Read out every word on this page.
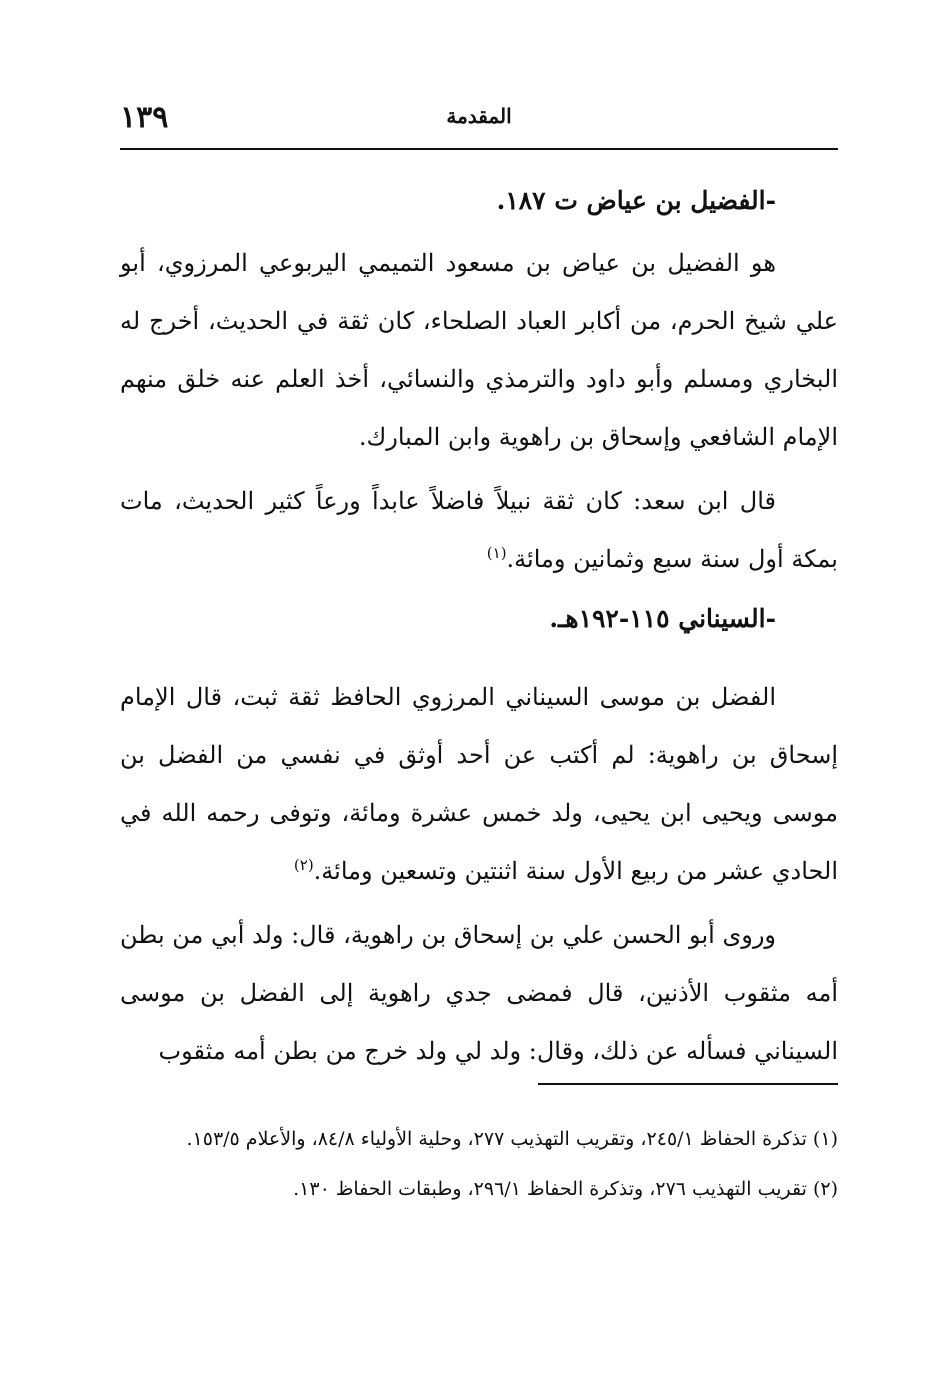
المقدمة
١٣٩
-الفضيل بن عياض ت ١٨٧.

هو الفضيل بن عياض بن مسعود التميمي اليربوعي المرزوي، أبو علي شيخ الحرم، من أكابر العباد الصلحاء، كان ثقة في الحديث، أخرج له البخاري ومسلم وأبو داود والترمذي والنسائي، أخذ العلم عنه خلق منهم الإمام الشافعي وإسحاق بن راهوية وابن المبارك.

قال ابن سعد: كان ثقة نبيلاً فاضلاً عابداً ورعاً كثير الحديث، مات بمكة أول سنة سبع وثمانين ومائة.$^{(١)}$

-السيناني ١١٥-١٩٢هـ.

الفضل بن موسى السيناني المرزوي الحافظ ثقة ثبت، قال الإمام إسحاق بن راهوية: لم أكتب عن أحد أوثق في نفسي من الفضل بن موسى ويحيى ابن يحيى، ولد خمس عشرة ومائة، وتوفى رحمه الله في الحادي عشر من ربيع الأول سنة اثنتين وتسعين ومائة.$^{(٢)}$

وروى أبو الحسن علي بن إسحاق بن راهوية، قال: ولد أبي من بطن أمه مثقوب الأذنين، قال فمضى جدي راهوية إلى الفضل بن موسى السيناني فسأله عن ذلك، وقال: ولد لي ولد خرج من بطن أمه مثقوب

(١) تذكرة الحفاظ ٢٤٥/١، وتقريب التهذيب ٢٧٧، وحلية الأولياء ٨٤/٨، والأعلام ١٥٣/٥.

(٢) تقريب التهذيب ٢٧٦، وتذكرة الحفاظ ٢٩٦/١، وطبقات الحفاظ ١٣٠.
